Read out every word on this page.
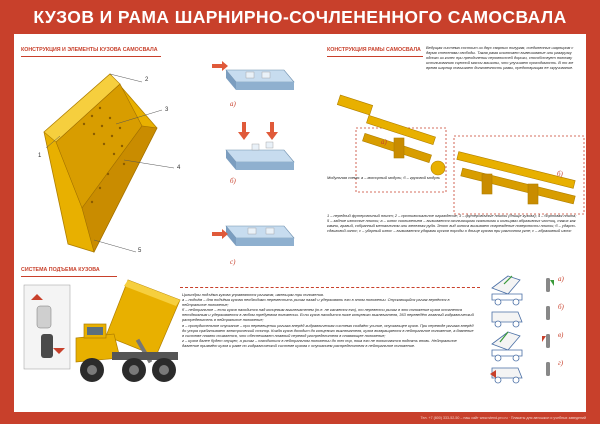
КУЗОВ И РАМА ШАРНИРНО-СОЧЛЕНЕННОГО САМОСВАЛА
КОНСТРУКЦИЯ И ЭЛЕМЕНТЫ КУЗОВА САМОСВАЛА
1
2
3
4
5
а)
б)
с)
КОНСТРУКЦИЯ РАМЫ САМОСВАЛА Ведущая система состоит из двух сварных полурам, соединенных шарниром с двумя степенями свободы. Такая рама исключает вывешивание или разгрузку одного из колес при преодолении неровностей дороги, способствует полному использованию сцепной массы машины, что улучшает проходимость. В то же время шарнир повышает долговечность рамы, предотвращая ее скручивание.
а)
б)
Модульная схема: а – моторный модуль; б – грузовой модуль
1 – передний футеровочный плинт; 2 – противоскальное ограждение; 3 – футеровочные плиты (днище кузова); 4 – бортовая плита; 5 – задние износные плиты; а – износ скольжением – вызывается скользящими скальными и кольцами абразивных частиц, таких как камни, гравий, собранный металлолом или железная руда. Этот вид износа вызывает повреждение поверхности плиты; б – ударно-сдвиговой износ; с – ударный износ – вызывается ударами кусков породы о днище кузова при различном угле; с – абразивный износ
СИСТЕМА ПОДЪЕМА КУЗОВА
Цилиндры подъёма кузова управляются рычагом, имеющим три положения.
а – подъём – для подъёма кузова необходимо переместить рычаг назад и удерживать его в этом положении. Опускающийся рычаг вернётся в нейтральное положение;
б – нейтральное – если кузов находится над концевым выключателем (т.е. не касается его), то перевести рычаг в это положение кузов останется неподвижным и удерживается в любом требуемом положении. Если кузов находится ниже концевого выключателя, 363 переведёт главный гидравлический распределитель в нейтральное положение;
в – принудительное опускание – при перемещении рычага вперёд гидравлическая система создаёт усилие, опускающее кузов. При переводе рычага вперёд до упора срабатывает электрический стопор. Когда кузов доходит до концевого выключателя, кузов возвращается в нейтральное положение, а давление в системе плавно снижается, что обеспечивает плавный перевод распределителя в плавающее положение;
г – кузов далее будет опущен, а рычаг – находиться в нейтральном положении до тех пор, пока его не попытаются поднять вновь. Нейтральное давление прижмёт кузов к раме по гидравлической системе кузова с опусканием распределителя в нейтральное положение.
а)
б)
в)
г)
Тел. +7 (800) 333-52-50 – наш сайт www.stend-pro.ru · Плакаты для автошкол и учебных заведений
